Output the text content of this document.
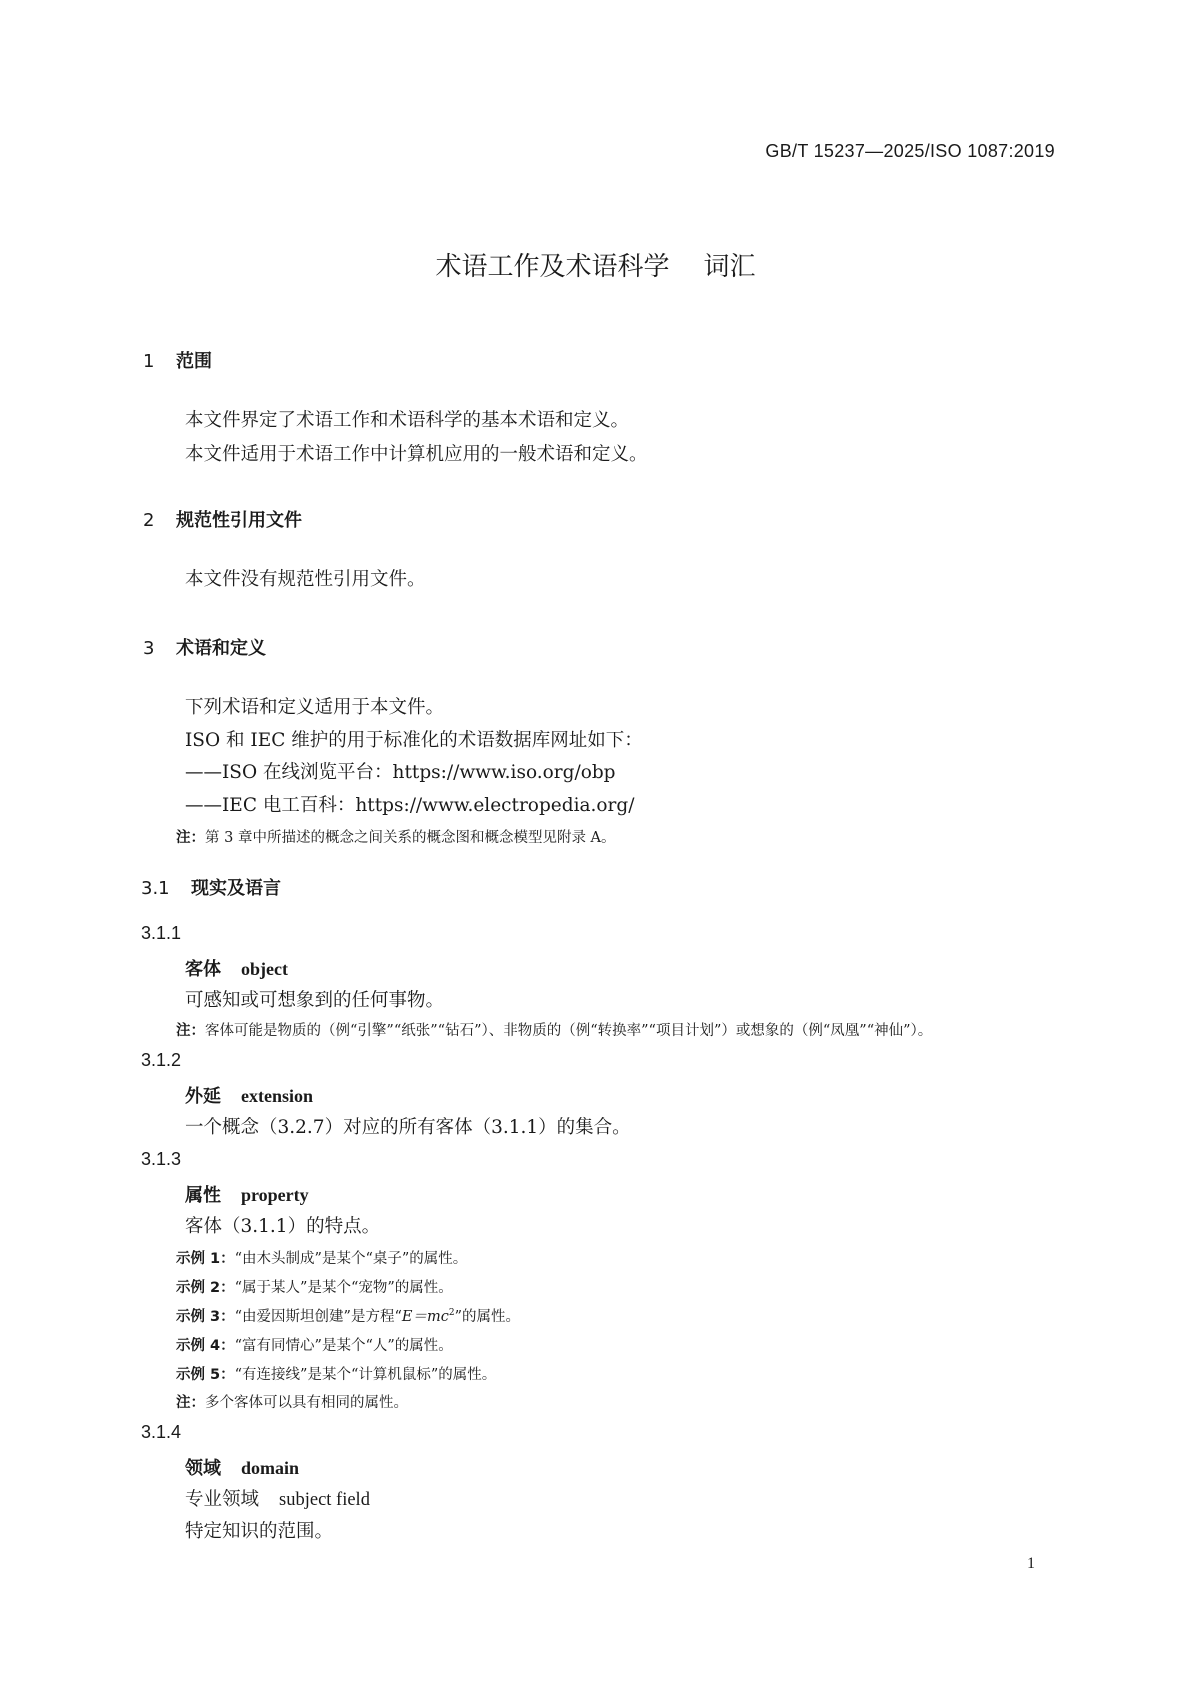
GB/T 15237—2025/ISO 1087:2019
术语工作及术语科学 词汇
1 范围
本文件界定了术语工作和术语科学的基本术语和定义。
本文件适用于术语工作中计算机应用的一般术语和定义。
2 规范性引用文件
本文件没有规范性引用文件。
3 术语和定义
下列术语和定义适用于本文件。
ISO 和 IEC 维护的用于标准化的术语数据库网址如下：
——ISO 在线浏览平台：https://www.iso.org/obp
——IEC 电工百科：https://www.electropedia.org/
注：第 3 章中所描述的概念之间关系的概念图和概念模型见附录 A。
3.1 现实及语言
3.1.1
客体 object
可感知或可想象到的任何事物。
注：客体可能是物质的（例“引擎”“纸张”“钻石”）、非物质的（例“转换率”“项目计划”）或想象的（例“凤凰”“神仙”）。
3.1.2
外延 extension
一个概念（3.2.7）对应的所有客体（3.1.1）的集合。
3.1.3
属性 property
客体（3.1.1）的特点。
示例 1：“由木头制成”是某个“桌子”的属性。
示例 2：“属于某人”是某个“宠物”的属性。
示例 3：“由爱因斯坦创建”是方程“$E=mc^2$”的属性。
示例 4：“富有同情心”是某个“人”的属性。
示例 5：“有连接线”是某个“计算机鼠标”的属性。
注：多个客体可以具有相同的属性。
3.1.4
领域 domain
专业领域 subject field
特定知识的范围。
1
